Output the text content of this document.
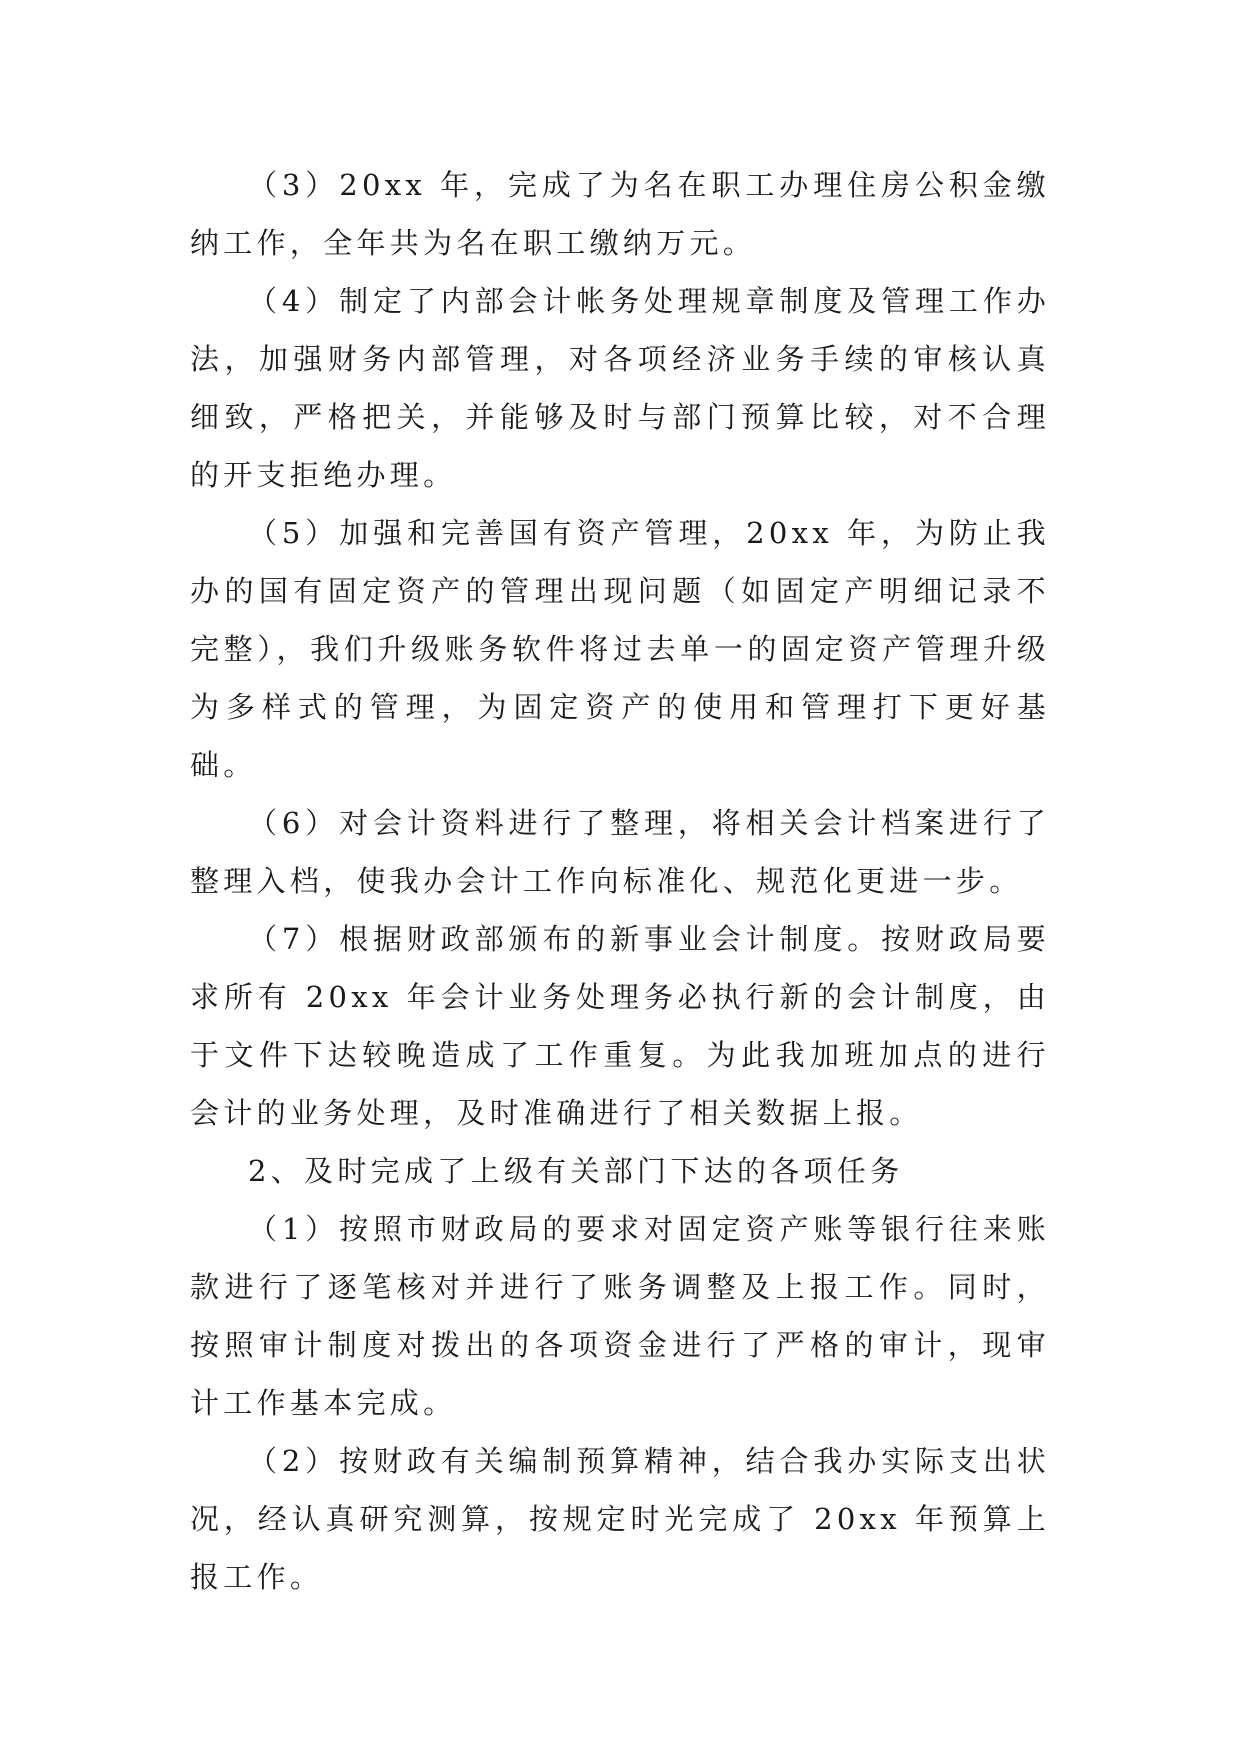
（3）20xx 年，完成了为名在职工办理住房公积金缴纳工作，全年共为名在职工缴纳万元。

（4）制定了内部会计帐务处理规章制度及管理工作办法，加强财务内部管理，对各项经济业务手续的审核认真细致，严格把关，并能够及时与部门预算比较，对不合理的开支拒绝办理。

（5）加强和完善国有资产管理，20xx 年，为防止我办的国有固定资产的管理出现问题（如固定产明细记录不完整），我们升级账务软件将过去单一的固定资产管理升级为多样式的管理，为固定资产的使用和管理打下更好基础。

（6）对会计资料进行了整理，将相关会计档案进行了整理入档，使我办会计工作向标准化、规范化更进一步。

（7）根据财政部颁布的新事业会计制度。按财政局要求所有 20xx 年会计业务处理务必执行新的会计制度，由于文件下达较晚造成了工作重复。为此我加班加点的进行会计的业务处理，及时准确进行了相关数据上报。

2、及时完成了上级有关部门下达的各项任务

（1）按照市财政局的要求对固定资产账等银行往来账款进行了逐笔核对并进行了账务调整及上报工作。同时，按照审计制度对拨出的各项资金进行了严格的审计，现审计工作基本完成。

（2）按财政有关编制预算精神，结合我办实际支出状况，经认真研究测算，按规定时光完成了 20xx 年预算上报工作。
